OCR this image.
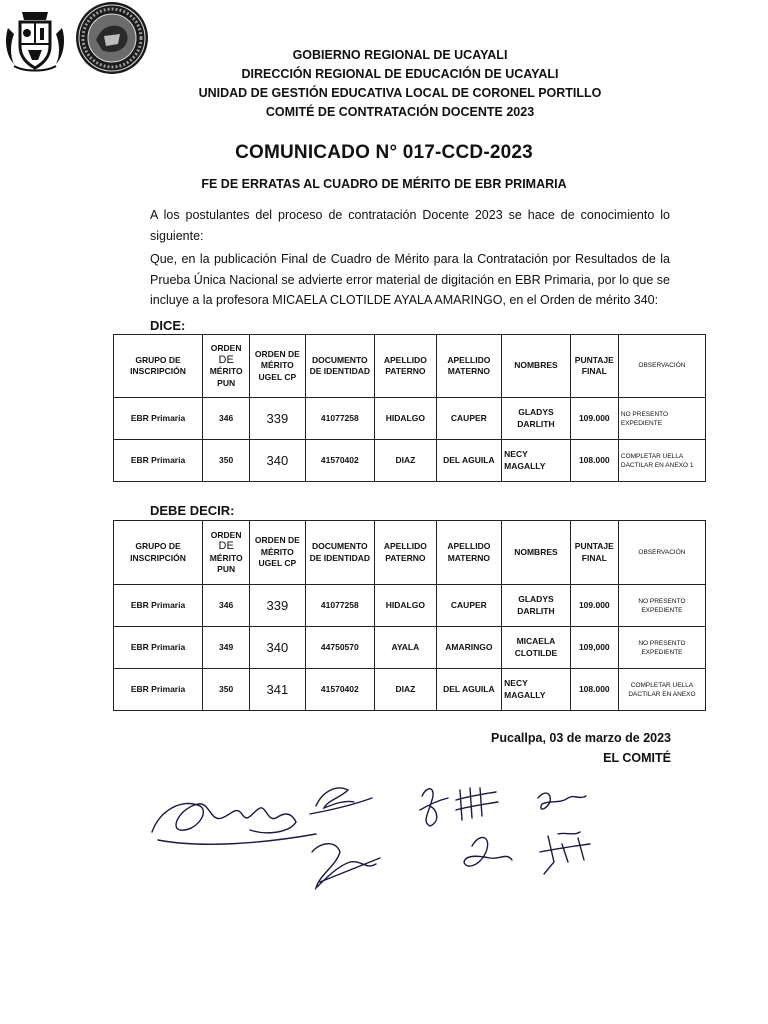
GOBIERNO REGIONAL DE UCAYALI
DIRECCIÓN REGIONAL DE EDUCACIÓN DE UCAYALI
UNIDAD DE GESTIÓN EDUCATIVA LOCAL DE CORONEL PORTILLO
COMITÉ DE CONTRATACIÓN DOCENTE 2023
COMUNICADO N° 017-CCD-2023
FE DE ERRATAS AL CUADRO DE MÉRITO DE EBR PRIMARIA
A los postulantes del proceso de contratación Docente 2023 se hace de conocimiento lo siguiente:
Que, en la publicación Final de Cuadro de Mérito para la Contratación por Resultados de la Prueba Única Nacional se advierte error material de digitación en EBR Primaria, por lo que se incluye a la profesora MICAELA CLOTILDE AYALA AMARINGO, en el Orden de mérito 340:
DICE:
GRUPO DE INSCRIPCIÓN	ORDEN
DE
MÉRITO PUN	ORDEN DE MÉRITO UGEL CP	DOCUMENTO DE IDENTIDAD	APELLIDO PATERNO	APELLIDO MATERNO	NOMBRES	PUNTAJE FINAL	OBSERVACIÓN
EBR Primaria	346	339	41077258	HIDALGO	CAUPER	GLADYS DARLITH	109.000	NO PRESENTO EXPEDIENTE
EBR Primaria	350	340	41570402	DIAZ	DEL AGUILA	NECY MAGALLY	108.000	COMPLETAR UELLA DACTILAR EN ANEXO 1
DEBE DECIR:
GRUPO DE INSCRIPCIÓN	ORDEN
DE
MÉRITO PUN	ORDEN DE MÉRITO UGEL CP	DOCUMENTO DE IDENTIDAD	APELLIDO PATERNO	APELLIDO MATERNO	NOMBRES	PUNTAJE FINAL	OBSERVACIÓN
EBR Primaria	346	339	41077258	HIDALGO	CAUPER	GLADYS DARLITH	109.000	NO PRESENTO EXPEDIENTE
EBR Primaria	349	340	44750570	AYALA	AMARINGO	MICAELA CLOTILDE	109,000	NO PRESENTO EXPEDIENTE
EBR Primaria	350	341	41570402	DIAZ	DEL AGUILA	NECY MAGALLY	108.000	COMPLETAR UELLA DACTILAR EN ANEXO
Pucallpa, 03 de marzo de 2023
EL COMITÉ
